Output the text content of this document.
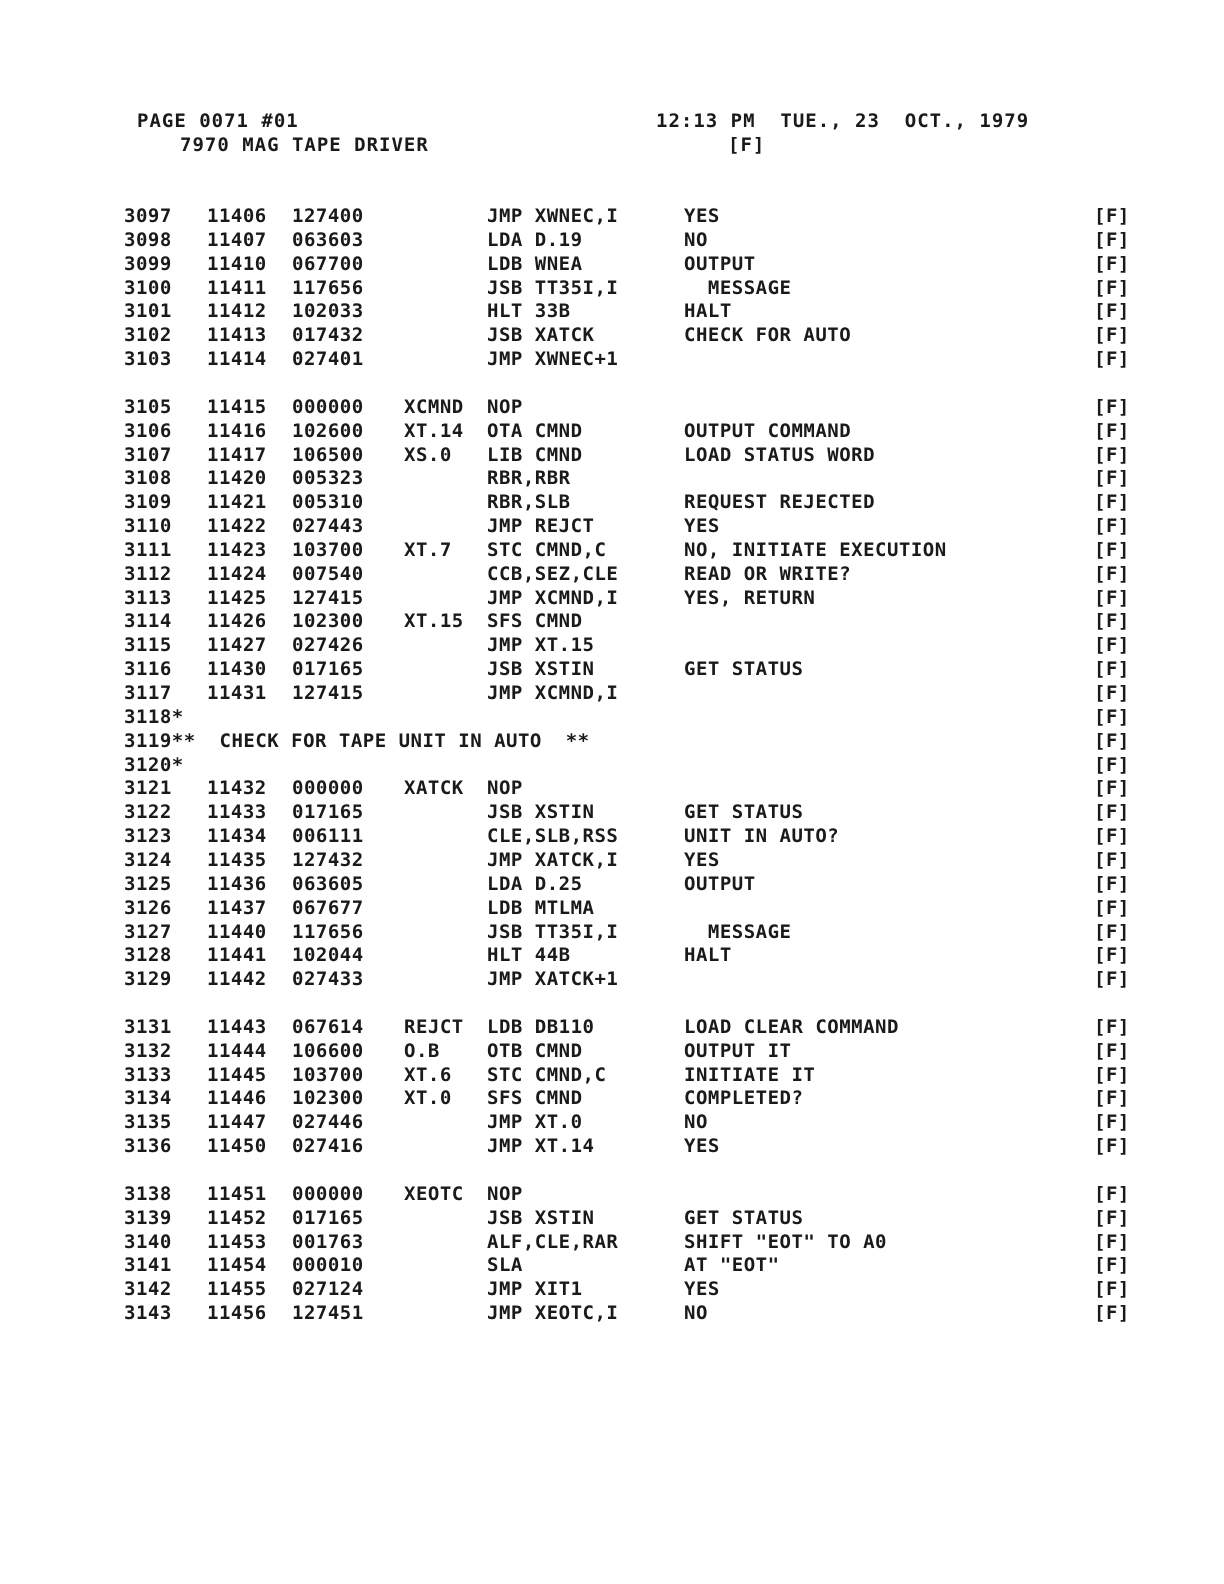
PAGE 0071 #01	12:13 PM  TUE., 23  OCT., 1979
7970 MAG TAPE DRIVER	[F]
3097 11406 127400	JMP XWNEC,I	YES	[F]
3098 11407 063603	LDA D.19	NO	[F]
3099 11410 067700	LDB WNEA	OUTPUT	[F]
3100 11411 117656	JSB TT35I,I	MESSAGE	[F]
3101 11412 102033	HLT 33B	HALT	[F]
3102 11413 017432	JSB XATCK	CHECK FOR AUTO	[F]
3103 11414 027401	JMP XWNEC+1	[F]
3105 11415 000000 XCMND NOP	[F]
3106 11416 102600 XT.14 OTA CMND	OUTPUT COMMAND	[F]
3107 11417 106500 XS.0 LIB CMND	LOAD STATUS WORD	[F]
3108 11420 005323	RBR,RBR	[F]
3109 11421 005310	RBR,SLB	REQUEST REJECTED	[F]
3110 11422 027443	JMP REJCT	YES	[F]
3111 11423 103700 XT.7 STC CMND,C	NO, INITIATE EXECUTION	[F]
3112 11424 007540	CCB,SEZ,CLE	READ OR WRITE?	[F]
3113 11425 127415	JMP XCMND,I	YES, RETURN	[F]
3114 11426 102300 XT.15 SFS CMND	[F]
3115 11427 027426	JMP XT.15	[F]
3116 11430 017165	JSB XSTIN	GET STATUS	[F]
3117 11431 127415	JMP XCMND,I	[F]
3118*	[F]
3119**  CHECK FOR TAPE UNIT IN AUTO  **	[F]
3120*	[F]
3121 11432 000000 XATCK NOP	[F]
3122 11433 017165	JSB XSTIN	GET STATUS	[F]
3123 11434 006111	CLE,SLB,RSS	UNIT IN AUTO?	[F]
3124 11435 127432	JMP XATCK,I	YES	[F]
3125 11436 063605	LDA D.25	OUTPUT	[F]
3126 11437 067677	LDB MTLMA	[F]
3127 11440 117656	JSB TT35I,I	MESSAGE	[F]
3128 11441 102044	HLT 44B	HALT	[F]
3129 11442 027433	JMP XATCK+1	[F]
3131 11443 067614 REJCT LDB DB110	LOAD CLEAR COMMAND	[F]
3132 11444 106600 O.B OTB CMND	OUTPUT IT	[F]
3133 11445 103700 XT.6 STC CMND,C	INITIATE IT	[F]
3134 11446 102300 XT.0 SFS CMND	COMPLETED?	[F]
3135 11447 027446	JMP XT.0	NO	[F]
3136 11450 027416	JMP XT.14	YES	[F]
3138 11451 000000 XEOTC NOP	[F]
3139 11452 017165	JSB XSTIN	GET STATUS	[F]
3140 11453 001763	ALF,CLE,RAR	SHIFT "EOT" TO A0	[F]
3141 11454 000010	SLA	AT "EOT"	[F]
3142 11455 027124	JMP XIT1	YES	[F]
3143 11456 127451	JMP XEOTC,I	NO	[F]
